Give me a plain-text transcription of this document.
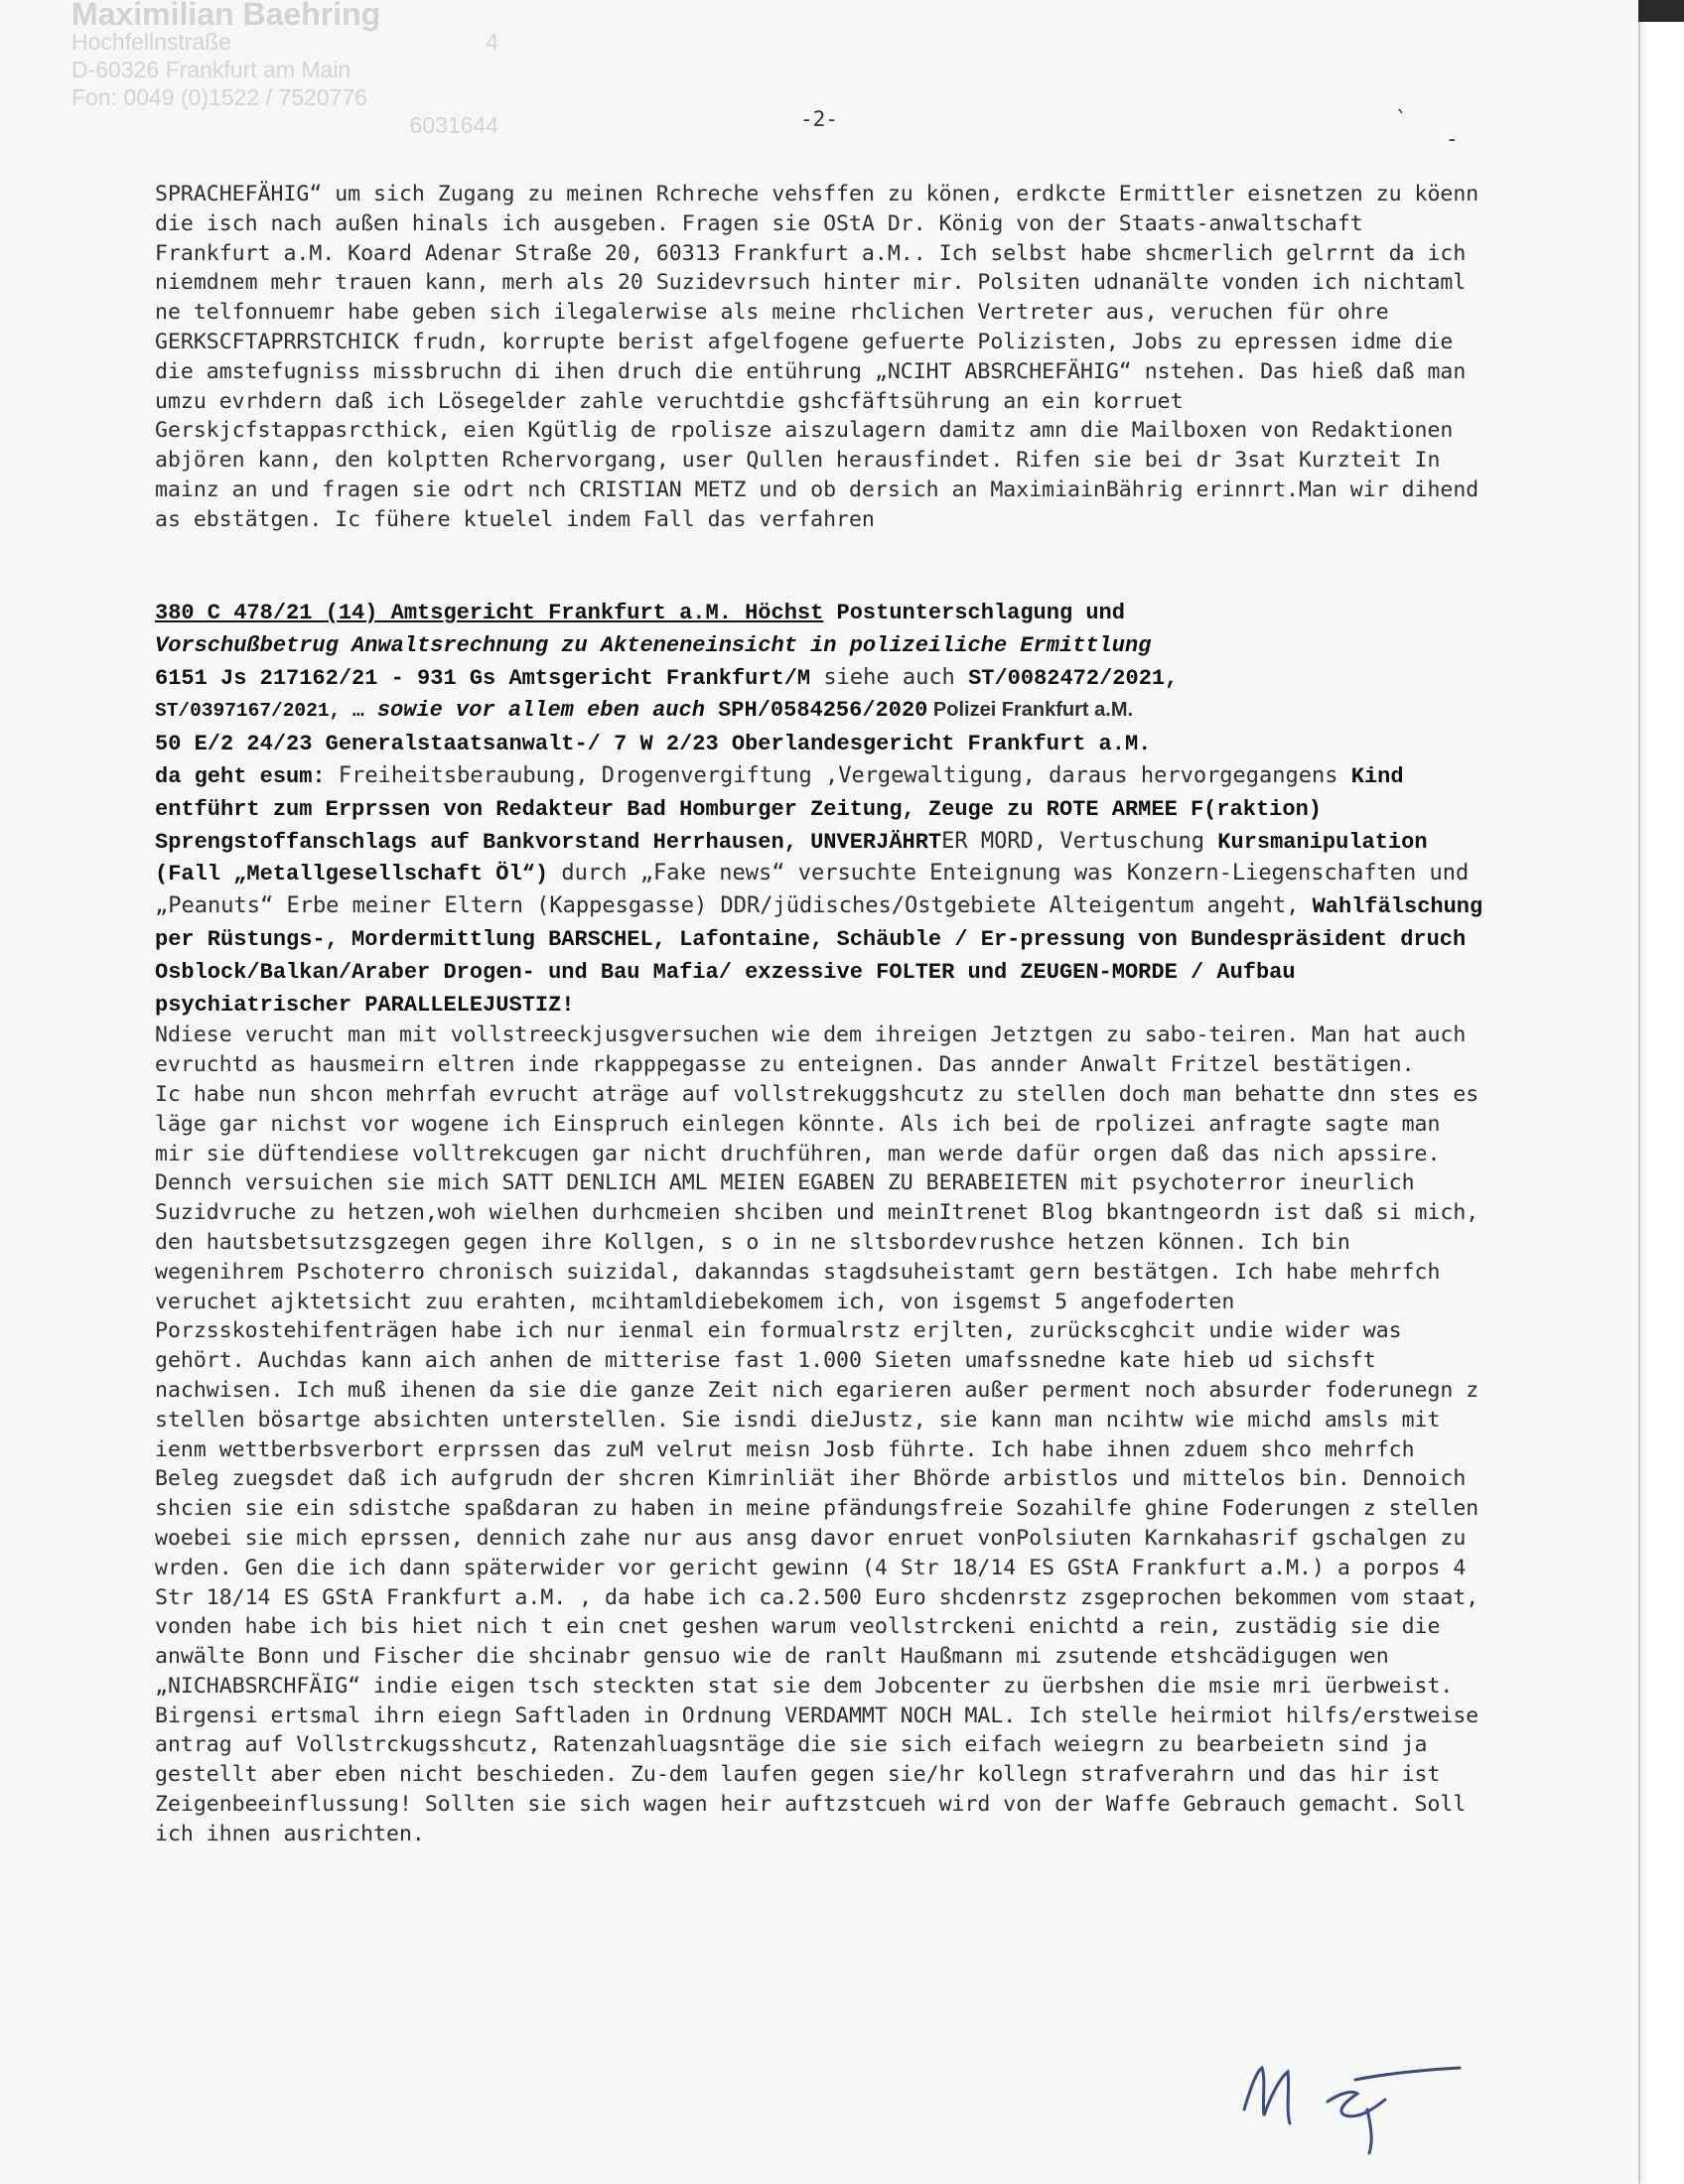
Maximilian Baehring
Hochfellnstraße	4
D-60326 Frankfurt am Main
Fon: 0049 (0)1522 / 7520776
6031644	-2-	`
-

SPRACHEFÄHIG“ um sich Zugang zu meinen Rchreche vehsffen zu könen, erdkcte Ermittler eisnetzen zu köenn die isch nach außen hinals ich ausgeben. Fragen sie OStA Dr. König von der Staats-anwaltschaft Frankfurt a.M. Koard Adenar Straße 20, 60313 Frankfurt a.M.. Ich selbst habe shcmerlich gelrrnt da ich niemdnem mehr trauen kann, merh als 20 Suzidevrsuch hinter mir. Polsiten udnanälte vonden ich nichtaml ne telfonnuemr habe geben sich ilegalerwise als meine rhclichen Vertreter aus, veruchen für ohre GERKSCFTAPRRSTCHICK frudn, korrupte berist afgelfogene gefuerte Polizisten, Jobs zu epressen idme die die amstefugniss missbruchn di ihen druch die entührung „NCIHT ABSRCHEFÄHIG“ nstehen. Das hieß daß man umzu evrhdern daß ich Lösegelder zahle veruchtdie gshcfäftsührung an ein korruet Gerskjcfstappasrcthick, eien Kgütlig de rpolisze aiszulagern damitz amn die Mailboxen von Redaktionen abjören kann, den kolptten Rchervorgang, user Qullen herausfindet. Rifen sie bei dr 3sat Kurzteit In mainz an und fragen sie odrt nch CRISTIAN METZ und ob dersich an MaximiainBährig erinnrt.Man wir dihend as ebstätgen. Ic fühere ktuelel indem Fall das verfahren

380 C 478/21 (14) Amtsgericht Frankfurt a.M. Höchst Postunterschlagung und
Vorschußbetrug Anwaltsrechnung zu Akteneneinsicht in polizeiliche Ermittlung
6151 Js 217162/21 - 931 Gs Amtsgericht Frankfurt/M siehe auch ST/0082472/2021,
ST/0397167/2021, … sowie vor allem eben auch SPH/0584256/2020 Polizei Frankfurt a.M.
50 E/2 24/23 Generalstaatsanwalt-/ 7 W 2/23 Oberlandesgericht Frankfurt a.M.
da geht esum: Freiheitsberaubung, Drogenvergiftung ,Vergewaltigung, daraus hervorgegangens Kind entführt zum Erprssen von Redakteur Bad Homburger Zeitung, Zeuge zu ROTE ARMEE F(raktion) Sprengstoffanschlags auf Bankvorstand Herrhausen, UNVERJÄHRTER MORD, Vertuschung Kursmanipulation (Fall „Metallgesellschaft Öl“) durch „Fake news“ versuchte Enteignung was Konzern-Liegenschaften und „Peanuts“ Erbe meiner Eltern (Kappesgasse) DDR/jüdisches/Ostgebiete Alteigentum angeht, Wahlfälschung per Rüstungs-, Mordermittlung BARSCHEL, Lafontaine, Schäuble / Er-pressung von Bundespräsident druch Osblock/Balkan/Araber Drogen- und Bau Mafia/ exzessive FOLTER und ZEUGEN-MORDE / Aufbau psychiatrischer PARALLELEJUSTIZ!

Ndiese verucht man mit vollstreeckjusgversuchen wie dem ihreigen Jetztgen zu sabo-teiren. Man hat auch evruchtd as hausmeirn eltren inde rkapppegasse zu enteignen. Das annder Anwalt Fritzel bestätigen.

Ic habe nun shcon mehrfah evrucht aträge auf vollstrekuggshcutz zu stellen doch man behatte dnn stes es läge gar nichst vor wogene ich Einspruch einlegen könnte. Als ich bei de rpolizei anfragte sagte man mir sie düftendiese volltrekcugen gar nicht druchführen, man werde dafür orgen daß das nich apssire. Dennch versuichen sie mich SATT DENLICH AML MEIEN EGABEN ZU BERABEIETEN mit psychoterror ineurlich Suzidvruche zu hetzen,woh wielhen durhcmeien shciben und meinItrenet Blog bkantngeordn ist daß si mich, den hautsbetsutzsgzegen gegen ihre Kollgen, s o in ne sltsbordevrushce hetzen können. Ich bin wegenihrem Pschoterro chronisch suizidal, dakanndas stagdsuheistamt gern bestätgen. Ich habe mehrfch veruchet ajktetsicht zuu erahten, mcihtamldiebekomem ich, von isgemst 5 angefoderten Porzsskostehifenträgen habe ich nur ienmal ein formualrstz erjlten, zurückscghcit undie wider was gehört. Auchdas kann aich anhen de mitterise fast 1.000 Sieten umafssnedne kate hieb ud sichsft nachwisen. Ich muß ihenen da sie die ganze Zeit nich egarieren außer perment noch absurder foderunegn z stellen bösartge absichten unterstellen. Sie isndi dieJustz, sie kann man ncihtw wie michd amsls mit ienm wettberbsverbort erprssen das zuM velrut meisn Josb führte. Ich habe ihnen zduem shco mehrfch Beleg zuegsdet daß ich aufgrudn der shcren Kimrinliät iher Bhörde arbistlos und mittelos bin. Dennoich shcien sie ein sdistche spaßdaran zu haben in meine pfändungsfreie Sozahilfe ghine Foderungen z stellen woebei sie mich eprssen, dennich zahe nur aus ansg davor enruet vonPolsiuten Karnkahasrif gschalgen zu wrden. Gen die ich dann späterwider vor gericht gewinn (4 Str 18/14 ES GStA Frankfurt a.M.) a porpos 4 Str 18/14 ES GStA Frankfurt a.M. , da habe ich ca.2.500 Euro shcdenrstz zsgeprochen bekommen vom staat, vonden habe ich bis hiet nich t ein cnet geshen warum veollstrckeni enichtd a rein, zustädig sie die anwälte Bonn und Fischer die shcinabr gensuo wie de ranlt Haußmann mi zsutende etshcädigugen wen „NICHABSRCHFÄIG“ indie eigen tsch steckten stat sie dem Jobcenter zu üerbshen die msie mri üerbweist. Birgensi ertsmal ihrn eiegn Saftladen in Ordnung VERDAMMT NOCH MAL. Ich stelle heirmiot hilfs/erstweise antrag auf Vollstrckugsshcutz, Ratenzahluagsntäge die sie sich eifach weiegrn zu bearbeietn sind ja gestellt aber eben nicht beschieden. Zu-dem laufen gegen sie/hr kollegn strafverahrn und das hir ist Zeigenbeeinflussung! Sollten sie sich wagen heir auftzstcueh wird von der Waffe Gebrauch gemacht. Soll ich ihnen ausrichten.
